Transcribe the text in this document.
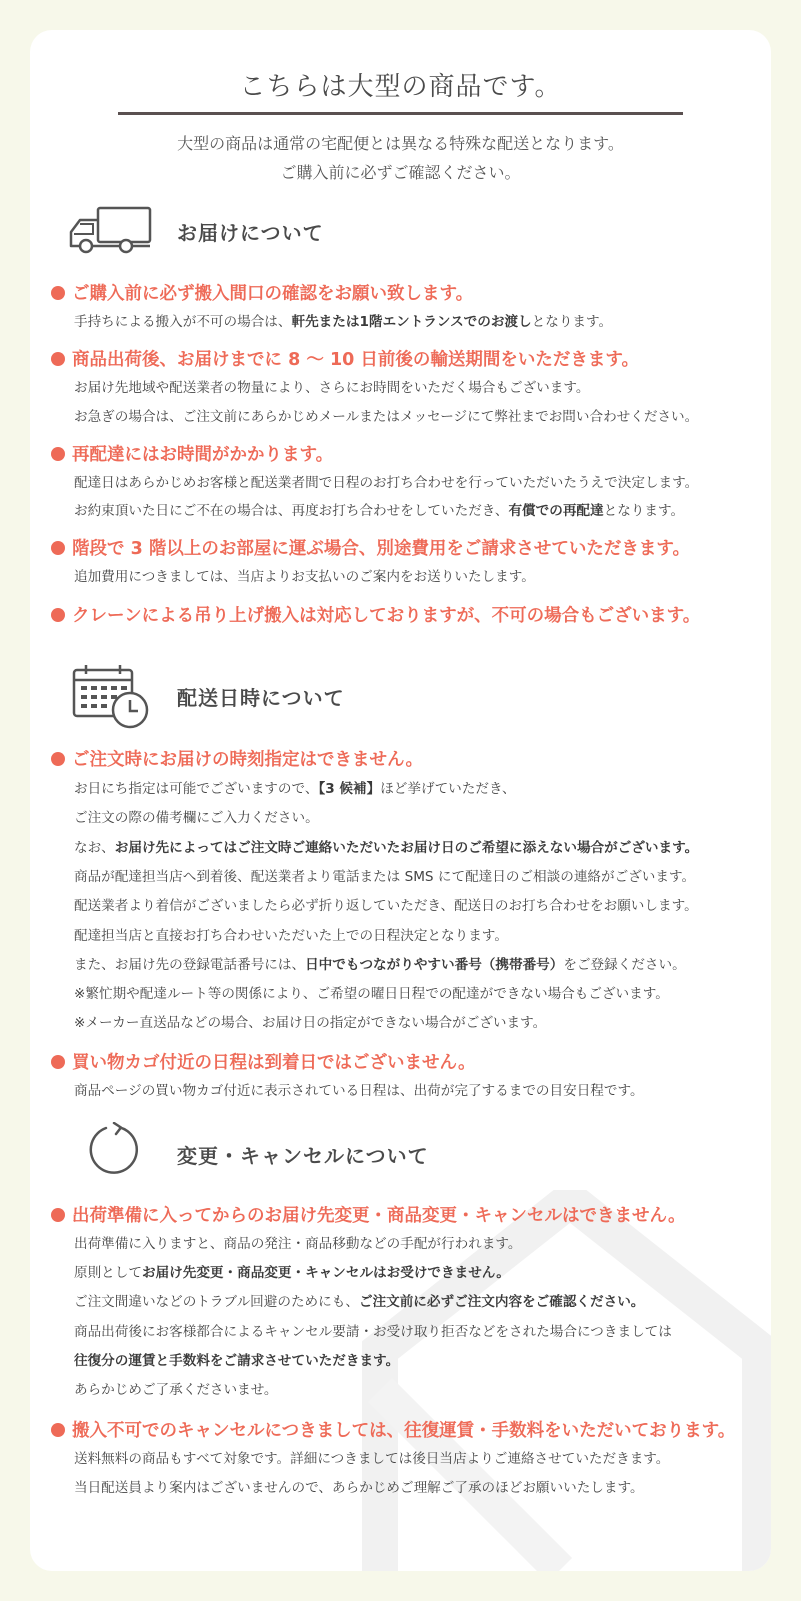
こちらは大型の商品です。
大型の商品は通常の宅配便とは異なる特殊な配送となります。
ご購入前に必ずご確認ください。
お届けについて
ご購入前に必ず搬入間口の確認をお願い致します。
手持ちによる搬入が不可の場合は、軒先または1階エントランスでのお渡しとなります。
商品出荷後、お届けまでに 8 ～ 10 日前後の輸送期間をいただきます。
お届け先地域や配送業者の物量により、さらにお時間をいただく場合もございます。
お急ぎの場合は、ご注文前にあらかじめメールまたはメッセージにて弊社までお問い合わせください。
再配達にはお時間がかかります。
配達日はあらかじめお客様と配送業者間で日程のお打ち合わせを行っていただいたうえで決定します。
お約束頂いた日にご不在の場合は、再度お打ち合わせをしていただき、有償での再配達となります。
階段で 3 階以上のお部屋に運ぶ場合、別途費用をご請求させていただきます。
追加費用につきましては、当店よりお支払いのご案内をお送りいたします。
クレーンによる吊り上げ搬入は対応しておりますが、不可の場合もございます。
配送日時について
ご注文時にお届けの時刻指定はできません。
お日にち指定は可能でございますので、【3 候補】ほど挙げていただき、
ご注文の際の備考欄にご入力ください。
なお、お届け先によってはご注文時ご連絡いただいたお届け日のご希望に添えない場合がございます。
商品が配達担当店へ到着後、配送業者より電話または SMS にて配達日のご相談の連絡がございます。
配送業者より着信がございましたら必ず折り返していただき、配送日のお打ち合わせをお願いします。
配達担当店と直接お打ち合わせいただいた上での日程決定となります。
また、お届け先の登録電話番号には、日中でもつながりやすい番号（携帯番号）をご登録ください。
※繁忙期や配達ルート等の関係により、ご希望の曜日日程での配達ができない場合もございます。
※メーカー直送品などの場合、お届け日の指定ができない場合がございます。
買い物カゴ付近の日程は到着日ではございません。
商品ページの買い物カゴ付近に表示されている日程は、出荷が完了するまでの目安日程です。
変更・キャンセルについて
出荷準備に入ってからのお届け先変更・商品変更・キャンセルはできません。
出荷準備に入りますと、商品の発注・商品移動などの手配が行われます。
原則としてお届け先変更・商品変更・キャンセルはお受けできません。
ご注文間違いなどのトラブル回避のためにも、ご注文前に必ずご注文内容をご確認ください。
商品出荷後にお客様都合によるキャンセル要請・お受け取り拒否などをされた場合につきましては
往復分の運賃と手数料をご請求させていただきます。
あらかじめご了承くださいませ。
搬入不可でのキャンセルにつきましては、往復運賃・手数料をいただいております。
送料無料の商品もすべて対象です。詳細につきましては後日当店よりご連絡させていただきます。
当日配送員より案内はございませんので、あらかじめご理解ご了承のほどお願いいたします。
